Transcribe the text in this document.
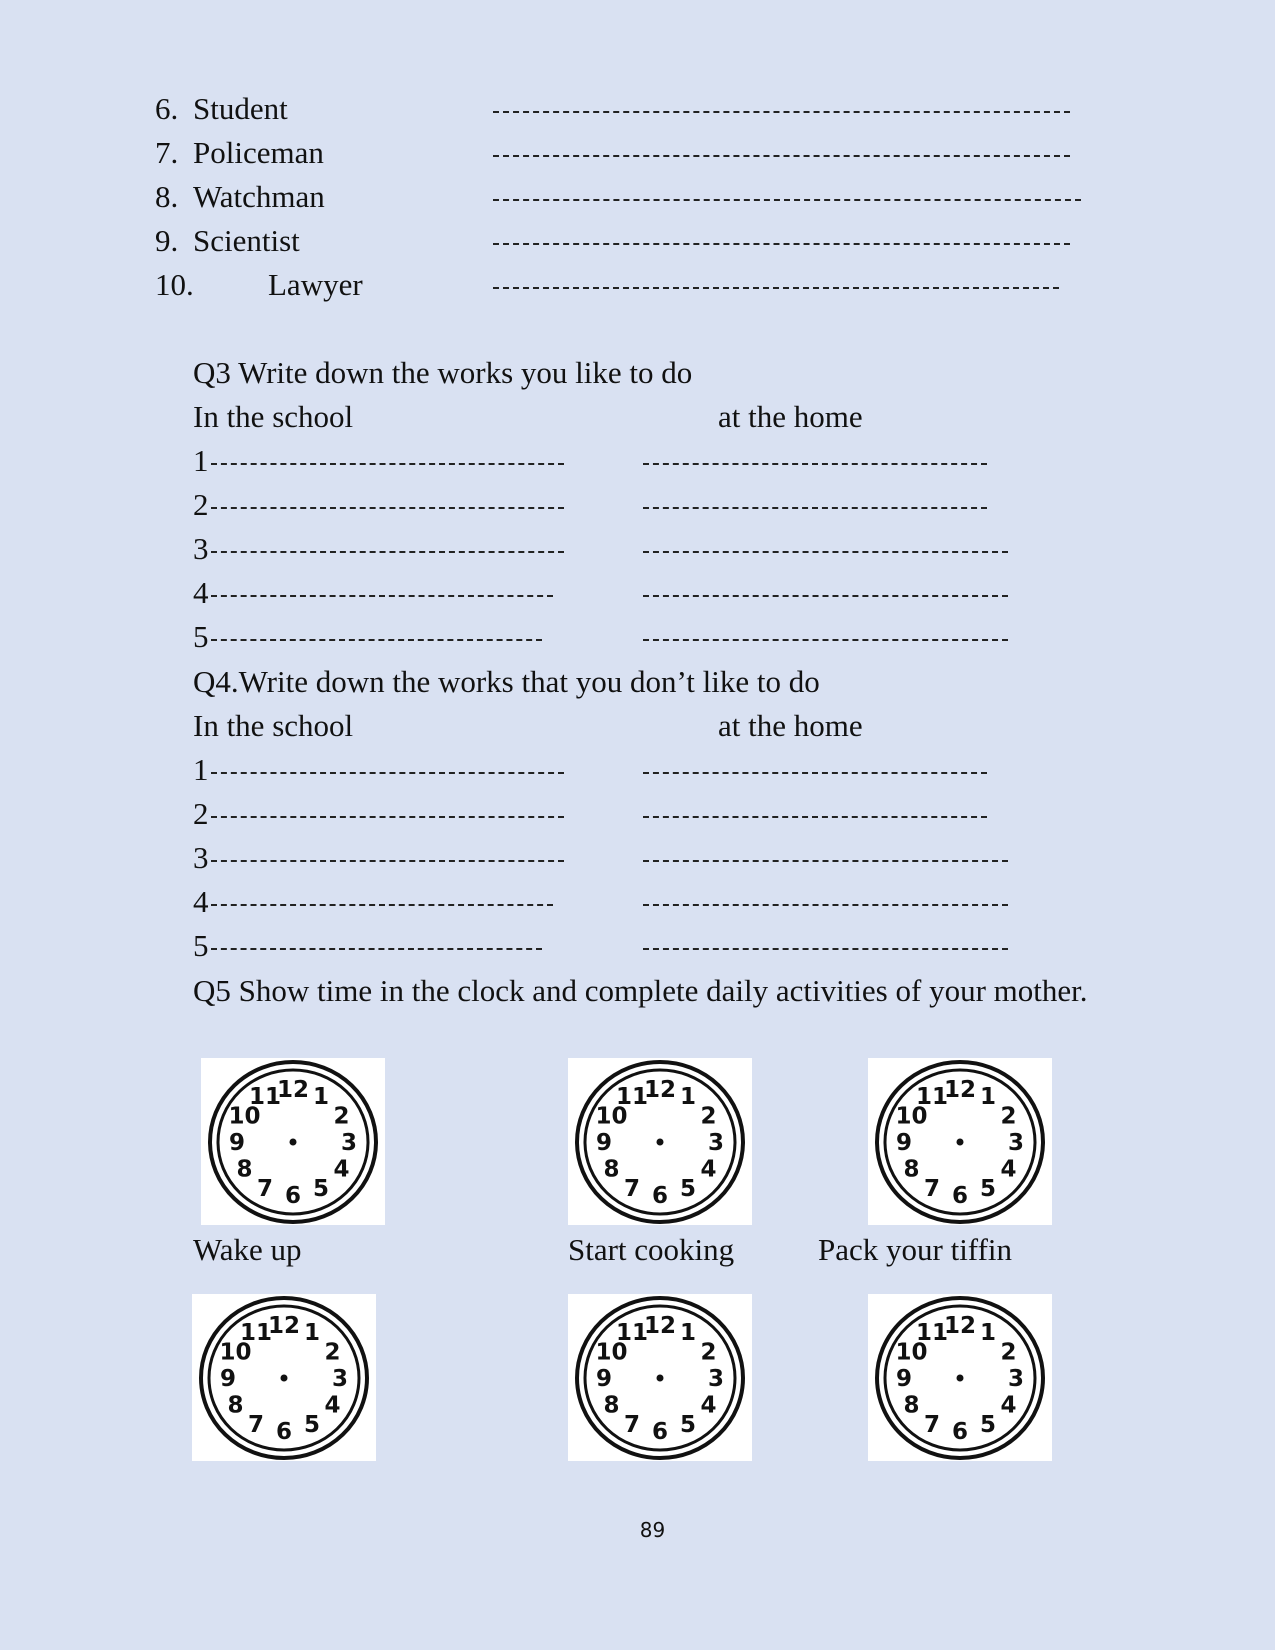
6. Student
7. Policeman
8. Watchman
9. Scientist
10. Lawyer
Q3 Write down the works you like to do
In the school	at the home
1
2
3
4
5
Q4.Write down the works that you don’t like to do
In the school	at the home
1
2
3
4
5
Q5 Show time in the clock and complete daily activities of your mother.
1
2
3
4
5
6
7
8
9
10
11
12	1
2
3
4
5
6
7
8
9
10
11
12	1
2
3
4
5
6
7
8
9
10
11
12
Wake up	Start cooking	Pack your tiffin
1
2
3
4
5
6
7
8
9
10
11
12	1
2
3
4
5
6
7
8
9
10
11
12	1
2
3
4
5
6
7
8
9
10
11
12
89
